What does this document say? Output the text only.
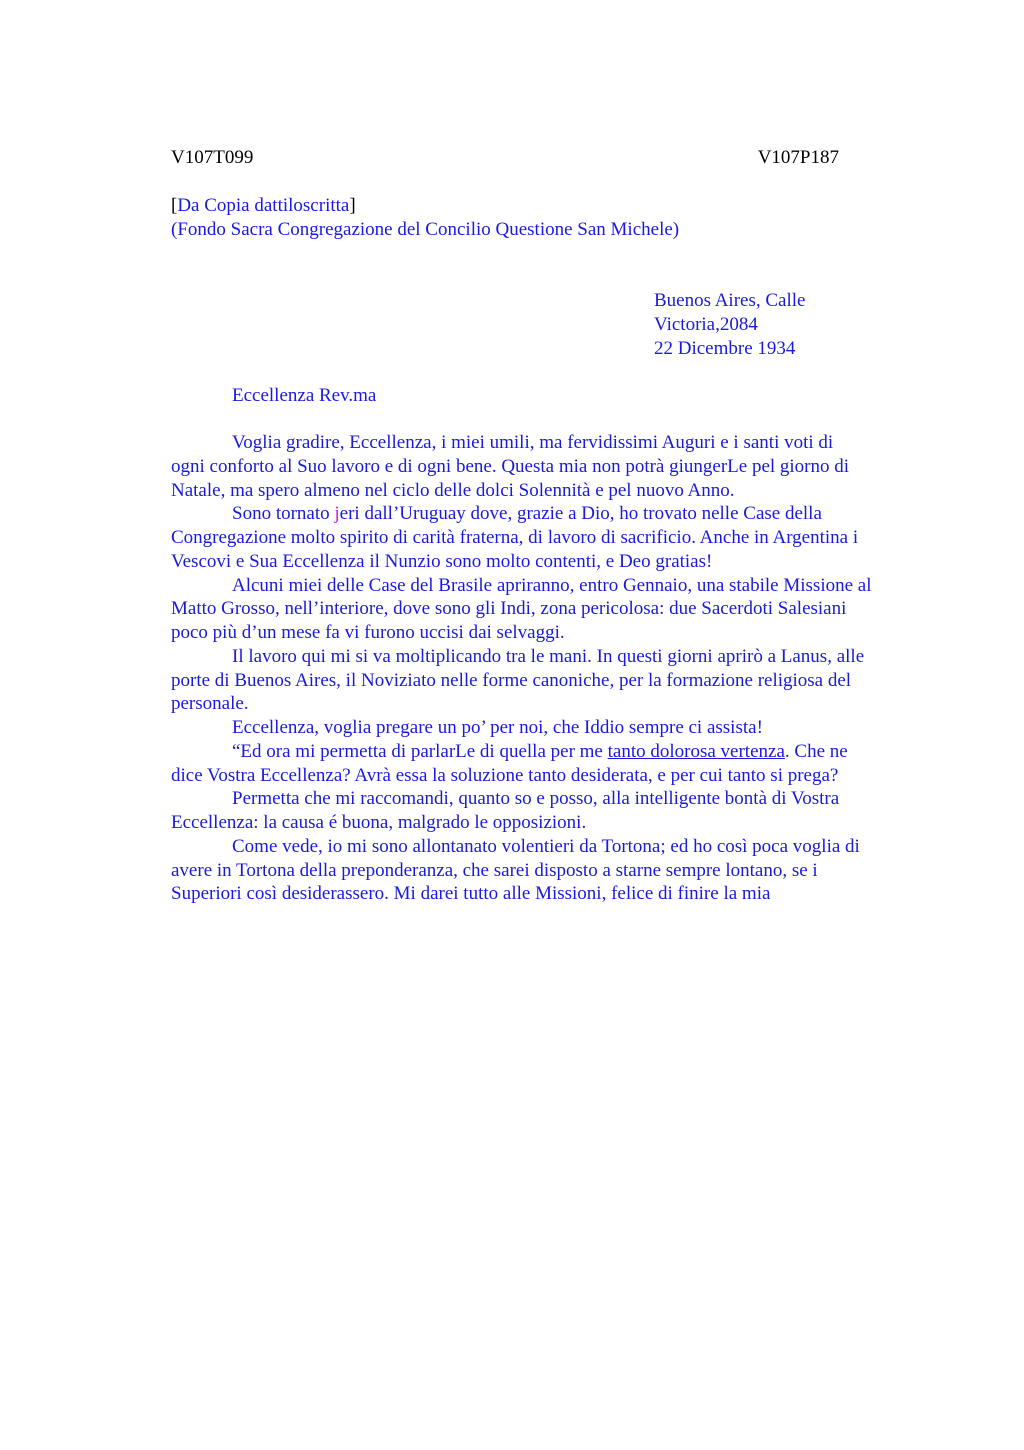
V107T099	V107P187
[Da Copia dattiloscritta]
(Fondo Sacra Congregazione del Concilio Questione San Michele)
Buenos Aires, Calle
Victoria,2084
22 Dicembre 1934
Eccellenza Rev.ma
Voglia gradire, Eccellenza, i miei umili, ma fervidissimi Auguri e i santi voti di
ogni conforto al Suo lavoro e di ogni bene. Questa mia non potrà giungerLe pel giorno di
Natale, ma spero almeno nel ciclo delle dolci Solennità e pel nuovo Anno.
Sono tornato jeri dall’Uruguay dove, grazie a Dio, ho trovato nelle Case della
Congregazione molto spirito di carità fraterna, di lavoro di sacrificio. Anche in Argentina i
Vescovi e Sua Eccellenza il Nunzio sono molto contenti, e Deo gratias!
Alcuni miei delle Case del Brasile apriranno, entro Gennaio, una stabile Missione al
Matto Grosso, nell’interiore, dove sono gli Indi, zona pericolosa: due Sacerdoti Salesiani
poco più d’un mese fa vi furono uccisi dai selvaggi.
Il lavoro qui mi si va moltiplicando tra le mani. In questi giorni aprirò a Lanus, alle
porte di Buenos Aires, il Noviziato nelle forme canoniche, per la formazione religiosa del
personale.
Eccellenza, voglia pregare un po’ per noi, che Iddio sempre ci assista!
“Ed ora mi permetta di parlarLe di quella per me tanto dolorosa vertenza. Che ne
dice Vostra Eccellenza? Avrà essa la soluzione tanto desiderata, e per cui tanto si prega?
Permetta che mi raccomandi, quanto so e posso, alla intelligente bontà di Vostra
Eccellenza: la causa é buona, malgrado le opposizioni.
Come vede, io mi sono allontanato volentieri da Tortona; ed ho così poca voglia di
avere in Tortona della preponderanza, che sarei disposto a starne sempre lontano, se i
Superiori così desiderassero. Mi darei tutto alle Missioni, felice di finire la mia
